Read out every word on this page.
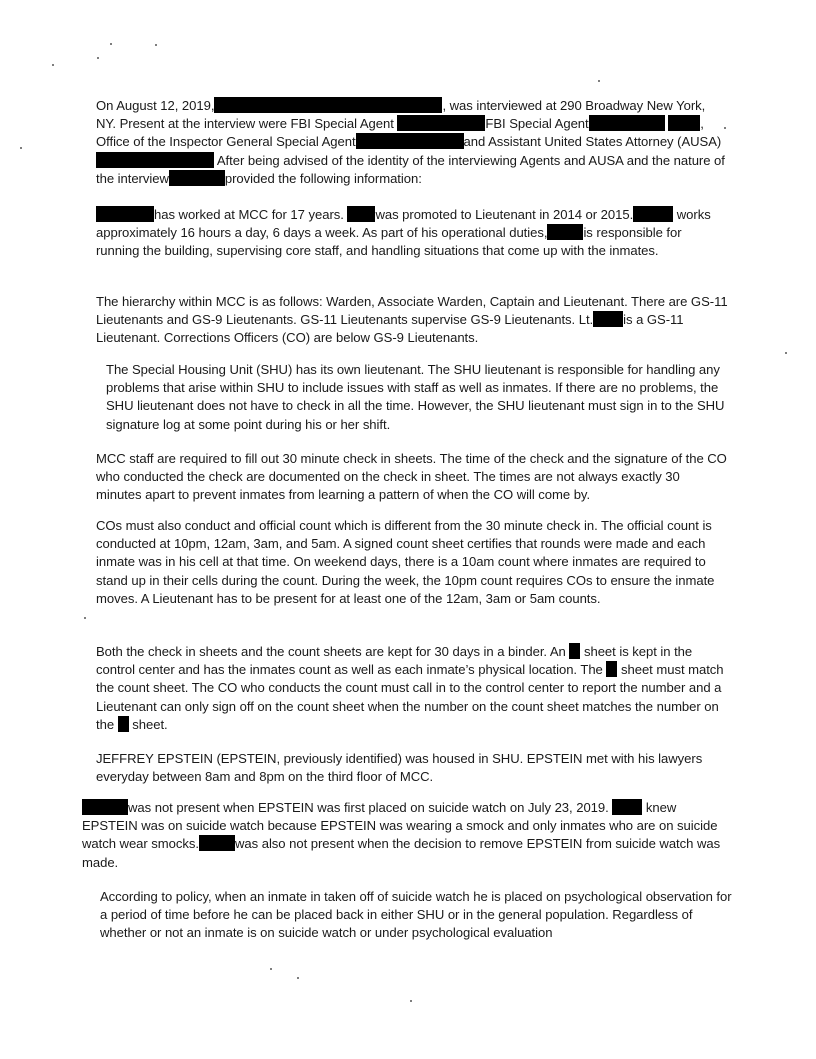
On August 12, 2019,	, was interviewed at 290 Broadway New York, NY. Present at the interview were FBI Special Agent	FBI Special Agent	, Office of the Inspector General Special Agent	and Assistant United States Attorney (AUSA) After being advised of the identity of the interviewing Agents and AUSA and the nature of the interview	provided the following information:

has worked at MCC for 17 years. was promoted to Lieutenant in 2014 or 2015.	works approximately 16 hours a day, 6 days a week. As part of his operational duties,	is responsible for running the building, supervising core staff, and handling situations that come up with the inmates.

The hierarchy within MCC is as follows: Warden, Associate Warden, Captain and Lieutenant. There are GS-11 Lieutenants and GS-9 Lieutenants. GS-11 Lieutenants supervise GS-9 Lieutenants. Lt. is a GS-11 Lieutenant. Corrections Officers (CO) are below GS-9 Lieutenants.

The Special Housing Unit (SHU) has its own lieutenant. The SHU lieutenant is responsible for handling any problems that arise within SHU to include issues with staff as well as inmates. If there are no problems, the SHU lieutenant does not have to check in all the time. However, the SHU lieutenant must sign in to the SHU signature log at some point during his or her shift.

MCC staff are required to fill out 30 minute check in sheets. The time of the check and the signature of the CO who conducted the check are documented on the check in sheet. The times are not always exactly 30 minutes apart to prevent inmates from learning a pattern of when the CO will come by.

COs must also conduct and official count which is different from the 30 minute check in. The official count is conducted at 10pm, 12am, 3am, and 5am. A signed count sheet certifies that rounds were made and each inmate was in his cell at that time. On weekend days, there is a 10am count where inmates are required to stand up in their cells during the count. During the week, the 10pm count requires COs to ensure the inmate moves. A Lieutenant has to be present for at least one of the 12am, 3am or 5am counts.

Both the check in sheets and the count sheets are kept for 30 days in a binder. An sheet is kept in the control center and has the inmates count as well as each inmate’s physical location. The sheet must match the count sheet. The CO who conducts the count must call in to the control center to report the number and a Lieutenant can only sign off on the count sheet when the number on the count sheet matches the number on the sheet.

JEFFREY EPSTEIN (EPSTEIN, previously identified) was housed in SHU. EPSTEIN met with his lawyers everyday between 8am and 8pm on the third floor of MCC.

was not present when EPSTEIN was first placed on suicide watch on July 23, 2019.	knew EPSTEIN was on suicide watch because EPSTEIN was wearing a smock and only inmates who are on suicide watch wear smocks.	was also not present when the decision to remove EPSTEIN from suicide watch was made.

According to policy, when an inmate in taken off of suicide watch he is placed on psychological observation for a period of time before he can be placed back in either SHU or in the general population. Regardless of whether or not an inmate is on suicide watch or under psychological evaluation
